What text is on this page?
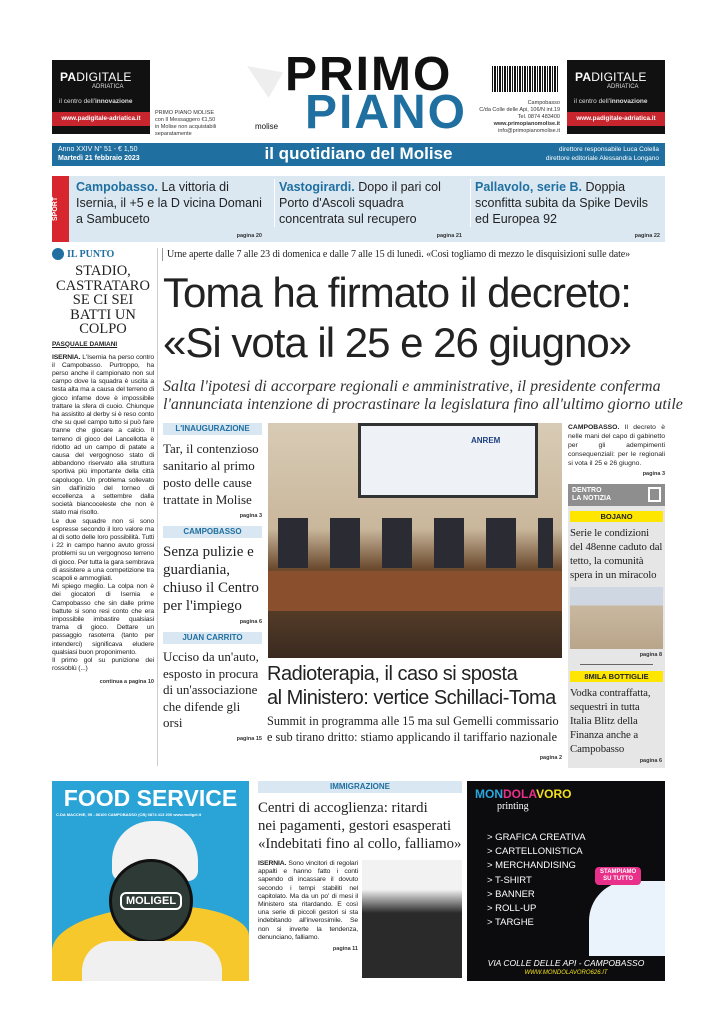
PADIGITALE
ADRIATICA
il centro dell'innovazione
www.padigitale-adriatica.it
PRIMO PIANO MOLISE
con Il Messaggero €1,50
in Molise non acquistabili
separatamente
PRIMO
PIANO
molise
Campobasso
C/da Colle delle Api, 106/N int.19
Tel. 0874 483400
www.primopianomolise.it
info@primopianomolise.it
PADIGITALE
ADRIATICA
il centro dell'innovazione
www.padigitale-adriatica.it
Anno XXIV N° 51 - € 1,50
Martedì 21 febbraio 2023	il quotidiano del Molise	direttore responsabile Luca Colella
direttore editoriale Alessandra Longano
SPORT
Campobasso. La vittoria di Isernia, il +5 e la D vicina Domani a Sambuceto
pagina 20
Vastogirardi. Dopo il pari col Porto d'Ascoli squadra concentrata sul recupero
pagina 21
Pallavolo, serie B. Doppia sconfitta subita da Spike Devils ed Europea 92
pagina 22
IL PUNTO
STADIO, CASTRATARO SE CI SEI BATTI UN COLPO
PASQUALE DAMIANI
ISERNIA. L'Isernia ha perso contro il Campobasso. Purtroppo, ha perso anche il campionato non sul campo dove la squadra è uscita a testa alta ma a causa del terreno di gioco infame dove è impossibile trattare la sfera di cuoio. Chiunque ha assistito al derby si è reso conto che su quel campo tutto si può fare tranne che giocare a calcio. Il terreno di gioco del Lancellotta è ridotto ad un campo di patate a causa del vergognoso stato di abbandono riservato alla struttura sportiva più importante della città capoluogo. Un problema sollevato sin dall'inizio del torneo di eccellenza a settembre dalla società biancoceleste che non è stato mai risolto.
Le due squadre non si sono espresse secondo il loro valore ma al di sotto delle loro possibilità. Tutti i 22 in campo hanno avuto grossi problemi su un vergognoso terreno di gioco. Per tutta la gara sembrava di assistere a una competizione tra scapoli e ammogliati.
Mi spiego meglio. La colpa non è dei giocatori di Isernia e Campobasso che sin dalle prime battute si sono resi conto che era impossibile imbastire qualsiasi trama di gioco. Dettare un passaggio rasoterra (tanto per intenderci) significava eludere qualsiasi buon proponimento.
Il primo gol su punizione dei rossoblù (...)
continua a pagina 10
Urne aperte dalle 7 alle 23 di domenica e dalle 7 alle 15 di lunedì. «Così togliamo di mezzo le disquisizioni sulle date»
Toma ha firmato il decreto:
«Si vota il 25 e 26 giugno»
Salta l'ipotesi di accorpare regionali e amministrative, il presidente conferma
l'annunciata intenzione di procrastinare la legislatura fino all'ultimo giorno utile
L'INAUGURAZIONE
Tar, il contenzioso sanitario al primo posto delle cause trattate in Molise
pagina 3
CAMPOBASSO
Senza pulizie e guardiania, chiuso il Centro per l'impiego
pagina 6
JUAN CARRITO
Ucciso da un'auto, esposto in procura di un'associazione che difende gli orsi
pagina 15
ANREM
CAMPOBASSO. Il decreto è nelle mani del capo di gabinetto per gli adempimenti consequenziali: per le regionali si vota il 25 e 26 giugno.
pagina 3
DENTRO
LA NOTIZIA
BOJANO
Serie le condizioni del 48enne caduto dal tetto, la comunità spera in un miracolo
pagina 8
8MILA BOTTIGLIE
Vodka contraffatta, sequestri in tutta Italia Blitz della Finanza anche a Campobasso
pagina 6
Radioterapia, il caso si sposta
al Ministero: vertice Schillaci-Toma
Summit in programma alle 15 ma sul Gemelli commissario
e sub tirano dritto: stiamo applicando il tariffario nazionale
pagina 2
FOOD SERVICE
C.DA MACCHIE, 95 - 86100 CAMPOBASSO (CB) 0874 413 200 www.moligel.it
MOLIGEL
IMMIGRAZIONE
Centri di accoglienza: ritardi
nei pagamenti, gestori esasperati
«Indebitati fino al collo, falliamo»
ISERNIA. Sono vincitori di regolari appalti e hanno fatto i conti sapendo di incassare il dovuto secondo i tempi stabiliti nel capitolato. Ma da un po' di mesi il Ministero sta ritardando. E così una serie di piccoli gestori si sta indebitando all'inverosimile. Se non si inverte la tendenza, denunciano, falliamo.
pagina 11
MONDOLAVORO
printing
> GRAFICA CREATIVA
> CARTELLONISTICA
> MERCHANDISING
> T-SHIRT
> BANNER
> ROLL-UP
> TARGHE
STAMPIAMO
SU TUTTO
VIA COLLE DELLE API - CAMPOBASSO
WWW.MONDOLAVORO626.IT
